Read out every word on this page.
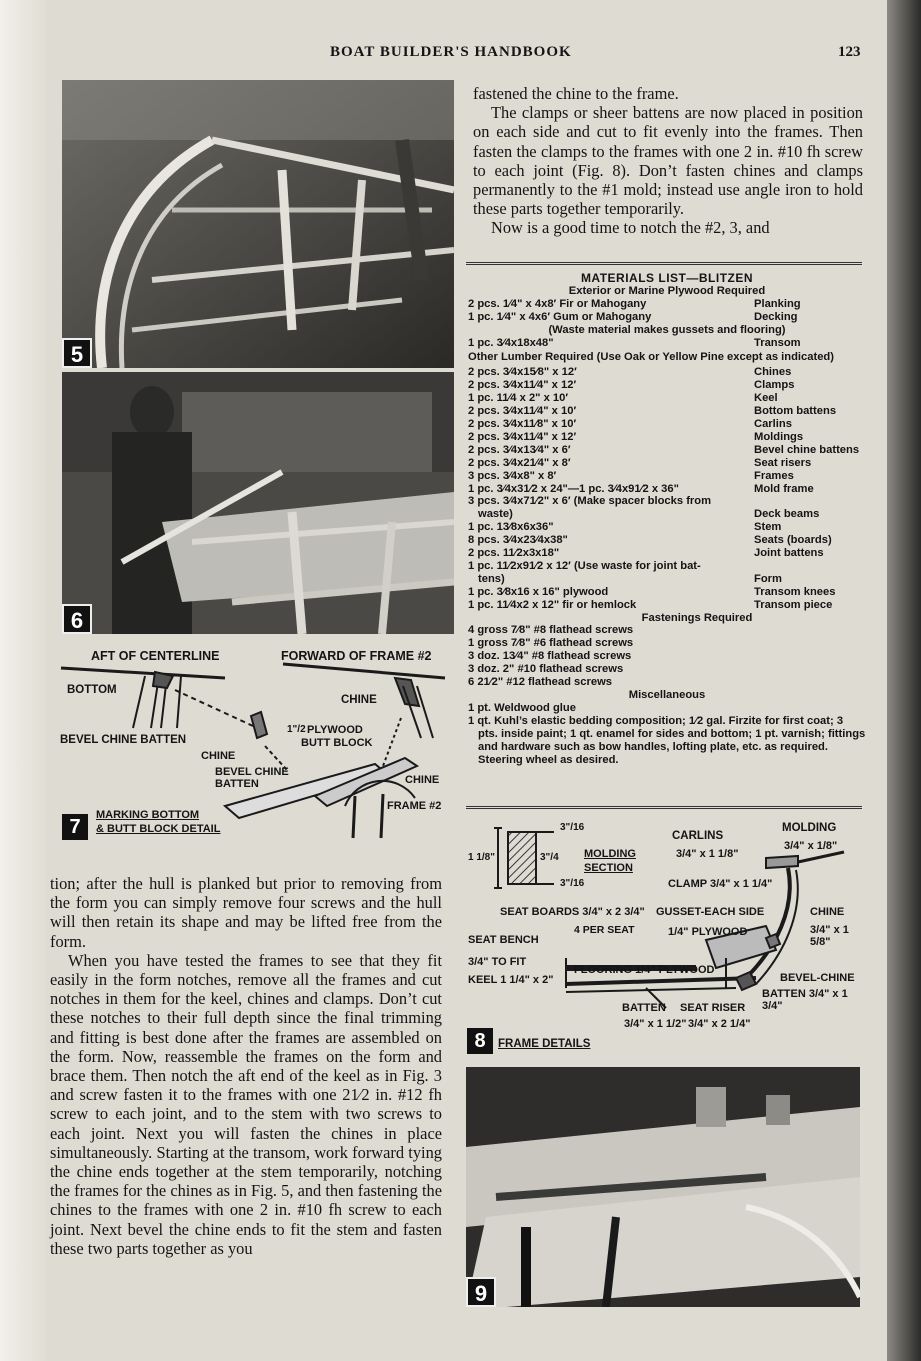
BOAT BUILDER'S HANDBOOK	123
5
6
AFT OF CENTERLINE	FORWARD OF FRAME #2
BOTTOM
CHINE
BEVEL CHINE BATTEN
1"/2 PLYWOOD
BUTT BLOCK
CHINE
BEVEL CHINE
BATTEN	CHINE
FRAME #2
7
MARKING BOTTOM
& BUTT BLOCK DETAIL

fastened the chine to the frame.

The clamps or sheer battens are now placed in position on each side and cut to fit evenly into the frames. Then fasten the clamps to the frames with one 2 in. #10 fh screw to each joint (Fig. 8). Don’t fasten chines and clamps permanently to the #1 mold; instead use angle iron to hold these parts together temporarily.

Now is a good time to notch the #2, 3, and

MATERIALS LIST—BLITZEN
Exterior or Marine Plywood Required
2 pcs. 1⁄4" x 4x8′ Fir or Mahogany	Planking
1 pc. 1⁄4" x 4x6′ Gum or Mahogany	Decking
(Waste material makes gussets and flooring)
1 pc. 3⁄4x18x48"	Transom
Other Lumber Required (Use Oak or Yellow Pine except as indicated)
2 pcs. 3⁄4x15⁄8" x 12′	Chines
2 pcs. 3⁄4x11⁄4" x 12′	Clamps
1 pc. 11⁄4 x 2" x 10′	Keel
2 pcs. 3⁄4x11⁄4" x 10′	Bottom battens
2 pcs. 3⁄4x11⁄8" x 10′	Carlins
2 pcs. 3⁄4x11⁄4" x 12′	Moldings
2 pcs. 3⁄4x13⁄4" x 6′	Bevel chine battens
2 pcs. 3⁄4x21⁄4" x 8′	Seat risers
3 pcs. 3⁄4x8" x 8′	Frames
1 pc. 3⁄4x31⁄2 x 24"—1 pc. 3⁄4x91⁄2 x 36"	Mold frame
3 pcs. 3⁄4x71⁄2" x 6′ (Make spacer blocks from
waste)	Deck beams
1 pc. 13⁄8x6x36"	Stem
8 pcs. 3⁄4x23⁄4x38"	Seats (boards)
2 pcs. 11⁄2x3x18"	Joint battens
1 pc. 11⁄2x91⁄2 x 12′ (Use waste for joint bat-
tens)	Form
1 pc. 3⁄8x16 x 16" plywood	Transom knees
1 pc. 11⁄4x2 x 12" fir or hemlock	Transom piece
Fastenings Required
4 gross 7⁄8" #8 flathead screws
1 gross 7⁄8" #6 flathead screws
3 doz. 13⁄4" #8 flathead screws
3 doz. 2" #10 flathead screws
6 21⁄2" #12 flathead screws
Miscellaneous
1 pt. Weldwood glue
1 qt. Kuhl’s elastic bedding composition; 1⁄2 gal. Firzite for first coat; 3 pts. inside paint; 1 qt. enamel for sides and bottom; 1 pt. varnish; fittings and hardware such as bow handles, lofting plate, etc. as required. Steering wheel as desired.
MOLDING
CARLINS
3/4" x 1 1/8"
3/4" x 1/8"
3"/16
1 1/8"	3"/4
3"/16
MOLDING
SECTION
CLAMP 3/4" x 1 1/4"
SEAT BOARDS 3/4" x 2 3/4"
4 PER SEAT
GUSSET-EACH SIDE
1/4" PLYWOOD
CHINE
3/4" x 1 5/8"
SEAT BENCH
3/4" TO FIT
KEEL 1 1/4" x 2"
FLOORING 1/4" PLYWOOD
BEVEL-CHINE
BATTEN 3/4" x 1 3/4"
BATTEN
3/4" x 1 1/2"
SEAT RISER
3/4" x 2 1/4"
8	FRAME DETAILS
9

tion; after the hull is planked but prior to removing from the form you can simply remove four screws and the hull will then retain its shape and may be lifted free from the form.

When you have tested the frames to see that they fit easily in the form notches, remove all the frames and cut notches in them for the keel, chines and clamps. Don’t cut these notches to their full depth since the final trimming and fitting is best done after the frames are assembled on the form. Now, reassemble the frames on the form and brace them. Then notch the aft end of the keel as in Fig. 3 and screw fasten it to the frames with one 21⁄2 in. #12 fh screw to each joint, and to the stem with two screws to each joint. Next you will fasten the chines in place simultaneously. Starting at the transom, work forward tying the chine ends together at the stem temporarily, notching the frames for the chines as in Fig. 5, and then fastening the chines to the frames with one 2 in. #10 fh screw to each joint. Next bevel the chine ends to fit the stem and fasten these two parts together as you
